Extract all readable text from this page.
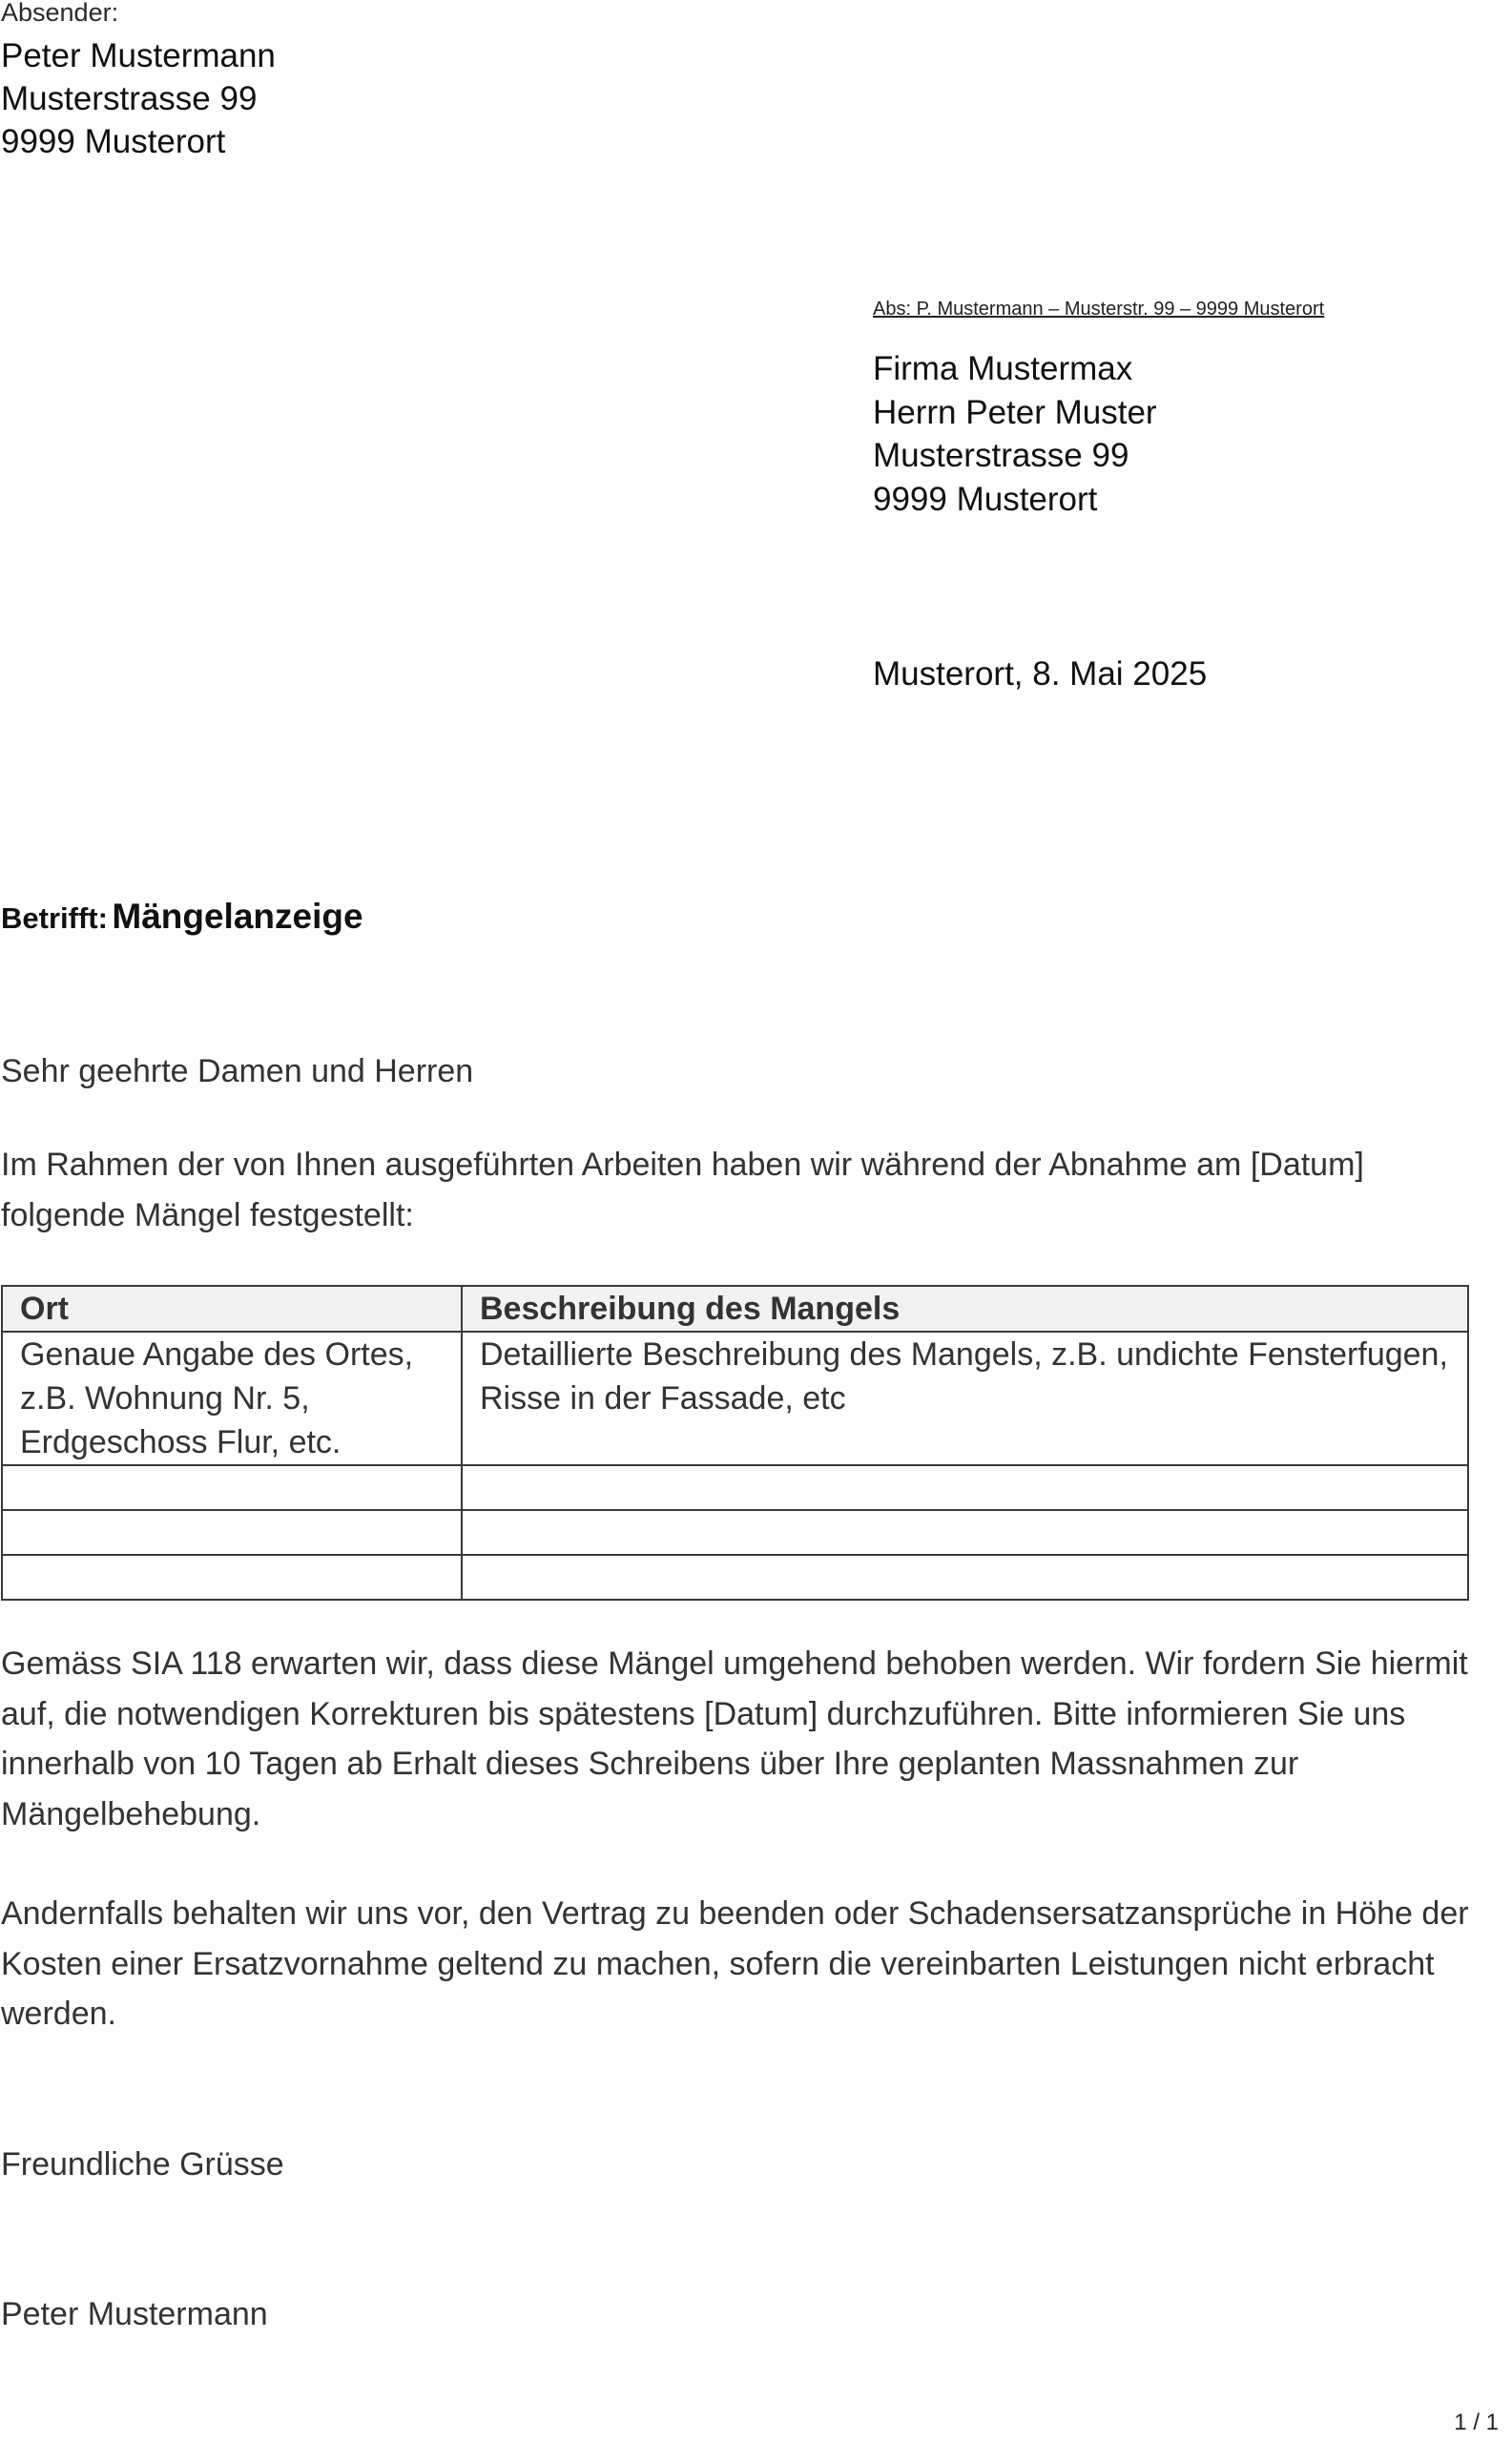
Absender:
Peter Mustermann
Musterstrasse 99
9999 Musterort
Abs: P. Mustermann – Musterstr. 99 – 9999 Musterort
Firma Mustermax
Herrn Peter Muster
Musterstrasse 99
9999 Musterort
Musterort, 8. Mai 2025
Betrifft: Mängelanzeige
Sehr geehrte Damen und Herren
Im Rahmen der von Ihnen ausgeführten Arbeiten haben wir während der Abnahme am [Datum] folgende Mängel festgestellt:
Ort	Beschreibung des Mangels
Genaue Angabe des Ortes, z.B. Wohnung Nr. 5, Erdgeschoss Flur, etc.	Detaillierte Beschreibung des Mangels, z.B. undichte Fensterfugen, Risse in der Fassade, etc

Gemäss SIA 118 erwarten wir, dass diese Mängel umgehend behoben werden. Wir fordern Sie hiermit auf, die notwendigen Korrekturen bis spätestens [Datum] durchzuführen. Bitte informieren Sie uns innerhalb von 10 Tagen ab Erhalt dieses Schreibens über Ihre geplanten Massnahmen zur Mängelbehebung.
Andernfalls behalten wir uns vor, den Vertrag zu beenden oder Schadensersatzansprüche in Höhe der Kosten einer Ersatzvornahme geltend zu machen, sofern die vereinbarten Leistungen nicht erbracht werden.
Freundliche Grüsse
Peter Mustermann
1 / 1
